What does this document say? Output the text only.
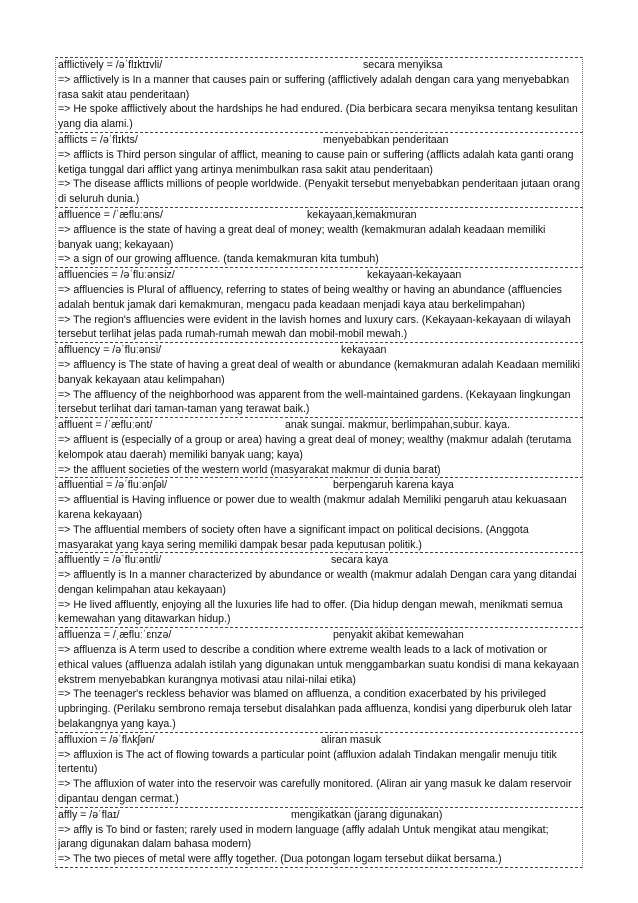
afflictively = /əˈflɪktɪvli/	secara menyiksa
=> afflictively is In a manner that causes pain or suffering (afflictively adalah dengan cara yang menyebabkan rasa sakit atau penderitaan)
=> He spoke afflictively about the hardships he had endured. (Dia berbicara secara menyiksa tentang kesulitan yang dia alami.)
afflicts = /əˈflɪkts/	menyebabkan penderitaan
=> afflicts is Third person singular of afflict, meaning to cause pain or suffering (afflicts adalah kata ganti orang ketiga tunggal dari afflict yang artinya menimbulkan rasa sakit atau penderitaan)
=> The disease afflicts millions of people worldwide. (Penyakit tersebut menyebabkan penderitaan jutaan orang di seluruh dunia.)
affluence = /ˈæfluːəns/	kekayaan,kemakmuran
=> affluence is the state of having a great deal of money; wealth (kemakmuran adalah keadaan memiliki banyak uang; kekayaan)
=> a sign of our growing affluence. (tanda kemakmuran kita tumbuh)
affluencies = /əˈfluːənsiz/	kekayaan-kekayaan
=> affluencies is Plural of affluency, referring to states of being wealthy or having an abundance (affluencies adalah bentuk jamak dari kemakmuran, mengacu pada keadaan menjadi kaya atau berkelimpahan)
=> The region's affluencies were evident in the lavish homes and luxury cars. (Kekayaan-kekayaan di wilayah tersebut terlihat jelas pada rumah-rumah mewah dan mobil-mobil mewah.)
affluency = /əˈfluːənsi/	kekayaan
=> affluency is The state of having a great deal of wealth or abundance (kemakmuran adalah Keadaan memiliki banyak kekayaan atau kelimpahan)
=> The affluency of the neighborhood was apparent from the well-maintained gardens. (Kekayaan lingkungan tersebut terlihat dari taman-taman yang terawat baik.)
affluent = /ˈæfluːənt/	anak sungai. makmur, berlimpahan,subur. kaya.
=> affluent is (especially of a group or area) having a great deal of money; wealthy (makmur adalah (terutama kelompok atau daerah) memiliki banyak uang; kaya)
=> the affluent societies of the western world (masyarakat makmur di dunia barat)
affluential = /əˈfluːənʃəl/	berpengaruh karena kaya
=> affluential is Having influence or power due to wealth (makmur adalah Memiliki pengaruh atau kekuasaan karena kekayaan)
=> The affluential members of society often have a significant impact on political decisions. (Anggota masyarakat yang kaya sering memiliki dampak besar pada keputusan politik.)
affluently = /əˈfluːəntli/	secara kaya
=> affluently is In a manner characterized by abundance or wealth (makmur adalah Dengan cara yang ditandai dengan kelimpahan atau kekayaan)
=> He lived affluently, enjoying all the luxuries life had to offer. (Dia hidup dengan mewah, menikmati semua kemewahan yang ditawarkan hidup.)
affluenza = /ˌæfluːˈɛnzə/	penyakit akibat kemewahan
=> affluenza is A term used to describe a condition where extreme wealth leads to a lack of motivation or ethical values (affluenza adalah istilah yang digunakan untuk menggambarkan suatu kondisi di mana kekayaan ekstrem menyebabkan kurangnya motivasi atau nilai-nilai etika)
=> The teenager's reckless behavior was blamed on affluenza, a condition exacerbated by his privileged upbringing. (Perilaku sembrono remaja tersebut disalahkan pada affluenza, kondisi yang diperburuk oleh latar belakangnya yang kaya.)
affluxion = /əˈflʌkʃən/	aliran masuk
=> affluxion is The act of flowing towards a particular point (affluxion adalah Tindakan mengalir menuju titik tertentu)
=> The affluxion of water into the reservoir was carefully monitored. (Aliran air yang masuk ke dalam reservoir dipantau dengan cermat.)
affly = /əˈflaɪ/	mengikatkan (jarang digunakan)
=> affly is To bind or fasten; rarely used in modern language (affly adalah Untuk mengikat atau mengikat; jarang digunakan dalam bahasa modern)
=> The two pieces of metal were affly together. (Dua potongan logam tersebut diikat bersama.)
